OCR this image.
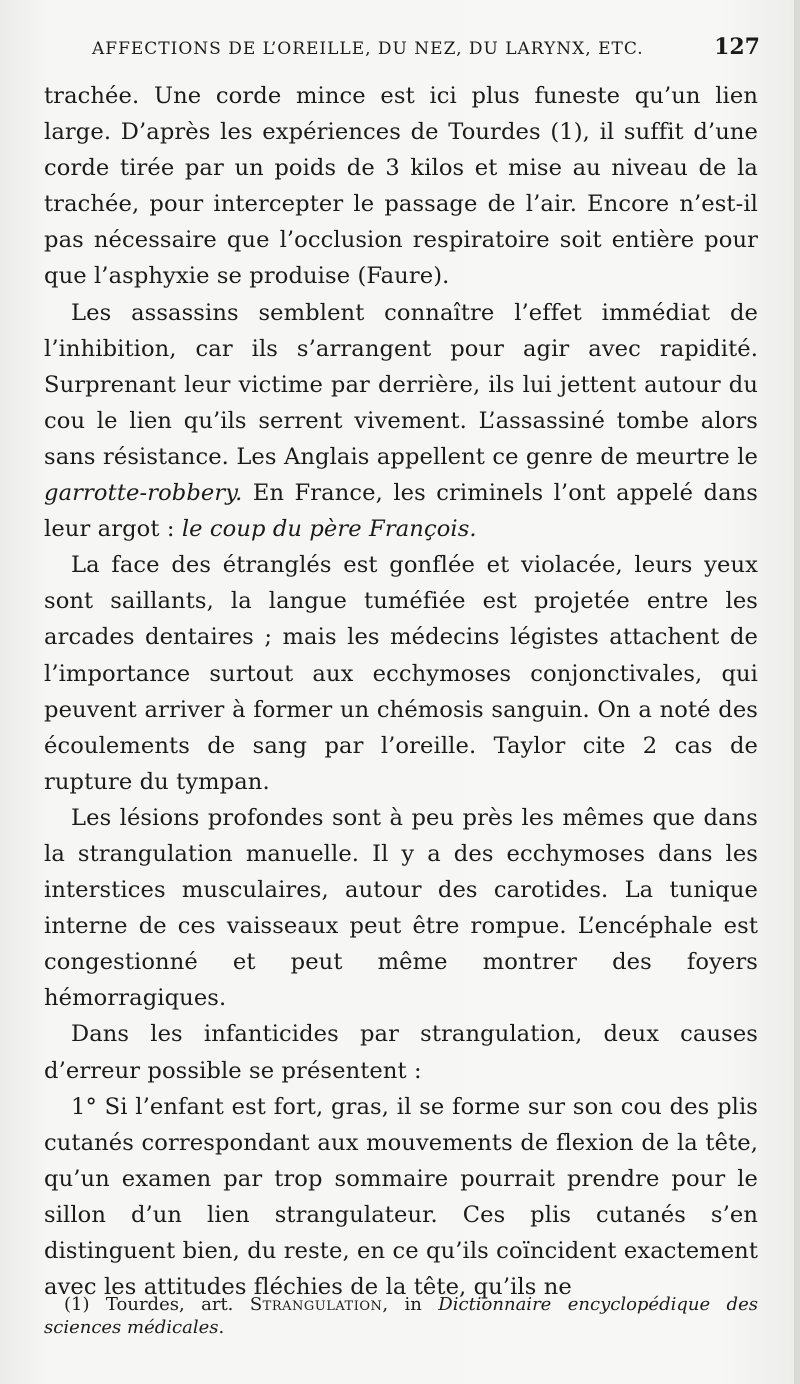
AFFECTIONS DE L’OREILLE, DU NEZ, DU LARYNX, ETC.	127

trachée. Une corde mince est ici plus funeste qu’un lien large. D’après les expériences de Tourdes (1), il suffit d’une corde tirée par un poids de 3 kilos et mise au niveau de la trachée, pour intercepter le passage de l’air. Encore n’est-il pas nécessaire que l’occlusion respiratoire soit entière pour que l’asphyxie se produise (Faure).

Les assassins semblent connaître l’effet immédiat de l’inhibition, car ils s’arrangent pour agir avec rapidité. Surprenant leur victime par derrière, ils lui jettent autour du cou le lien qu’ils serrent vivement. L’assassiné tombe alors sans résistance. Les Anglais appellent ce genre de meurtre le garrotte-robbery. En France, les criminels l’ont appelé dans leur argot : le coup du père François.

La face des étranglés est gonflée et violacée, leurs yeux sont saillants, la langue tuméfiée est projetée entre les arcades dentaires ; mais les médecins légistes attachent de l’importance surtout aux ecchymoses conjonctivales, qui peuvent arriver à former un chémosis sanguin. On a noté des écoulements de sang par l’oreille. Taylor cite 2 cas de rupture du tympan.

Les lésions profondes sont à peu près les mêmes que dans la strangulation manuelle. Il y a des ecchymoses dans les interstices musculaires, autour des carotides. La tunique interne de ces vaisseaux peut être rompue. L’encéphale est congestionné et peut même montrer des foyers hémorragiques.

Dans les infanticides par strangulation, deux causes d’erreur possible se présentent :

1° Si l’enfant est fort, gras, il se forme sur son cou des plis cutanés correspondant aux mouvements de flexion de la tête, qu’un examen par trop sommaire pourrait prendre pour le sillon d’un lien strangulateur. Ces plis cutanés s’en distinguent bien, du reste, en ce qu’ils coïncident exactement avec les attitudes fléchies de la tête, qu’ils ne

(1) Tourdes, art. Strangulation, in Dictionnaire encyclopédique des sciences médicales.
